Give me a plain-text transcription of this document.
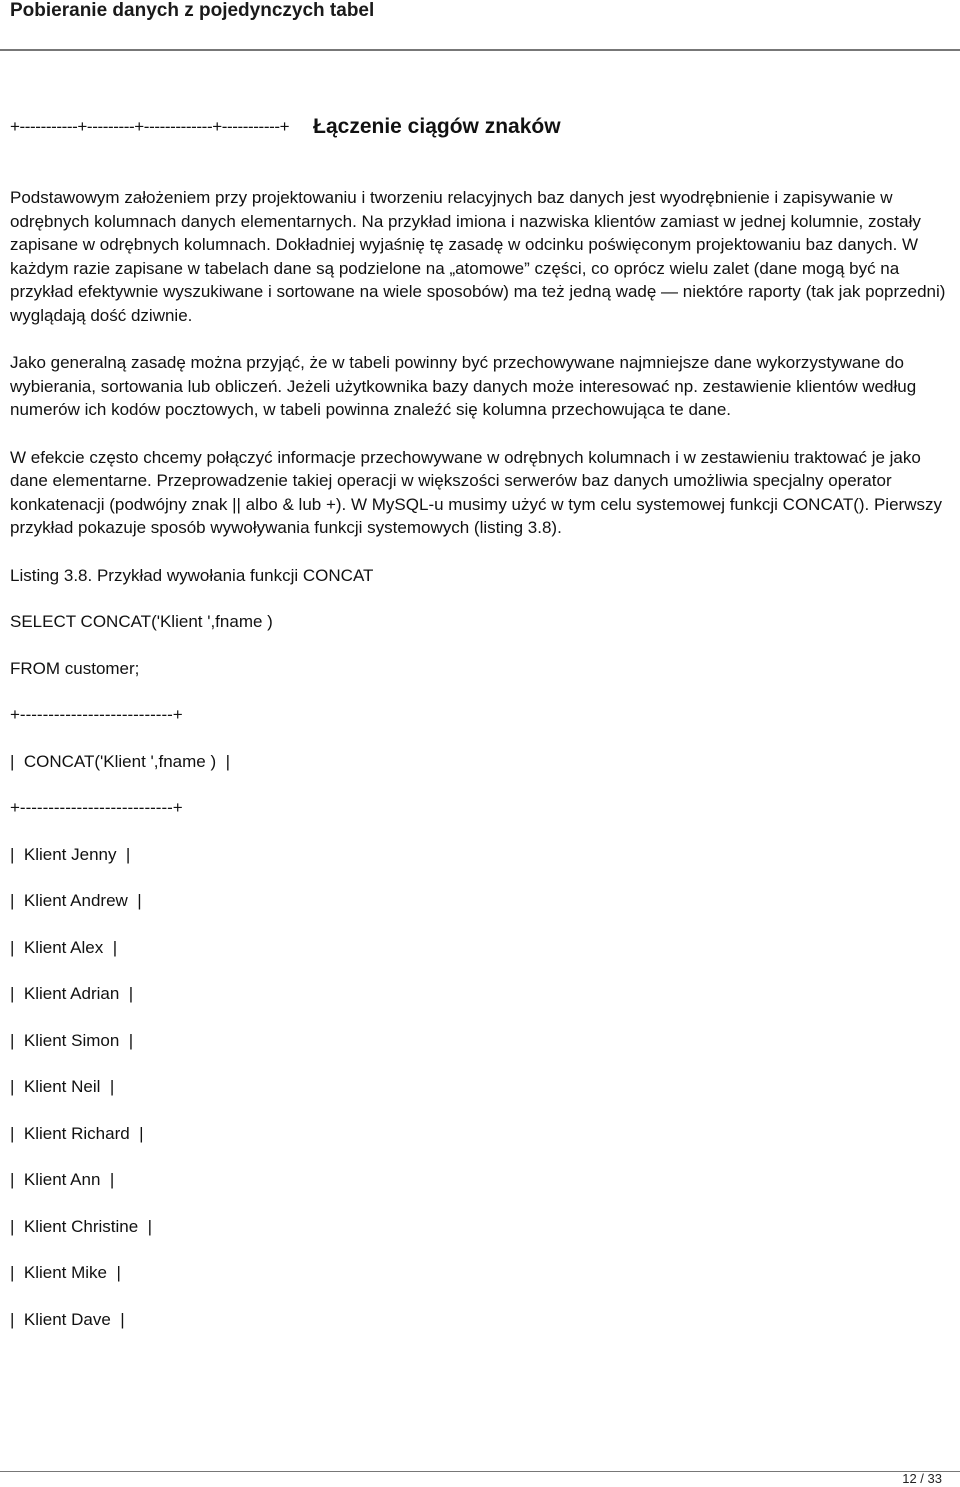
Pobieranie danych z pojedynczych tabel
+-----------+---------+-------------+-----------+ Łączenie ciągów znaków

Podstawowym założeniem przy projektowaniu i tworzeniu relacyjnych baz danych jest wyodrębnienie i zapisywanie w odrębnych kolumnach danych elementarnych. Na przykład imiona i nazwiska klientów zamiast w jednej kolumnie, zostały zapisane w odrębnych kolumnach. Dokładniej wyjaśnię tę zasadę w odcinku poświęconym projektowaniu baz danych. W każdym razie zapisane w tabelach dane są podzielone na „atomowe” części, co oprócz wielu zalet (dane mogą być na przykład efektywnie wyszukiwane i sortowane na wiele sposobów) ma też jedną wadę — niektóre raporty (tak jak poprzedni) wyglądają dość dziwnie.

Jako generalną zasadę można przyjąć, że w tabeli powinny być przechowywane najmniejsze dane wykorzystywane do wybierania, sortowania lub obliczeń. Jeżeli użytkownika bazy danych może interesować np. zestawienie klientów według numerów ich kodów pocztowych, w tabeli powinna znaleźć się kolumna przechowująca te dane.

W efekcie często chcemy połączyć informacje przechowywane w odrębnych kolumnach i w zestawieniu traktować je jako dane elementarne. Przeprowadzenie takiej operacji w większości serwerów baz danych umożliwia specjalny operator konkatenacji (podwójny znak || albo & lub +). W MySQL-u musimy użyć w tym celu systemowej funkcji CONCAT(). Pierwszy przykład pokazuje sposób wywoływania funkcji systemowych (listing 3.8).

Listing 3.8. Przykład wywołania funkcji CONCAT

SELECT CONCAT('Klient ',fname )
FROM customer;
+---------------------------+
|  CONCAT('Klient ',fname )  |
+---------------------------+
|  Klient Jenny  |
|  Klient Andrew  |
|  Klient Alex  |
|  Klient Adrian  |
|  Klient Simon  |
|  Klient Neil  |
|  Klient Richard  |
|  Klient Ann  |
|  Klient Christine  |
|  Klient Mike  |
|  Klient Dave  |
12 / 33
